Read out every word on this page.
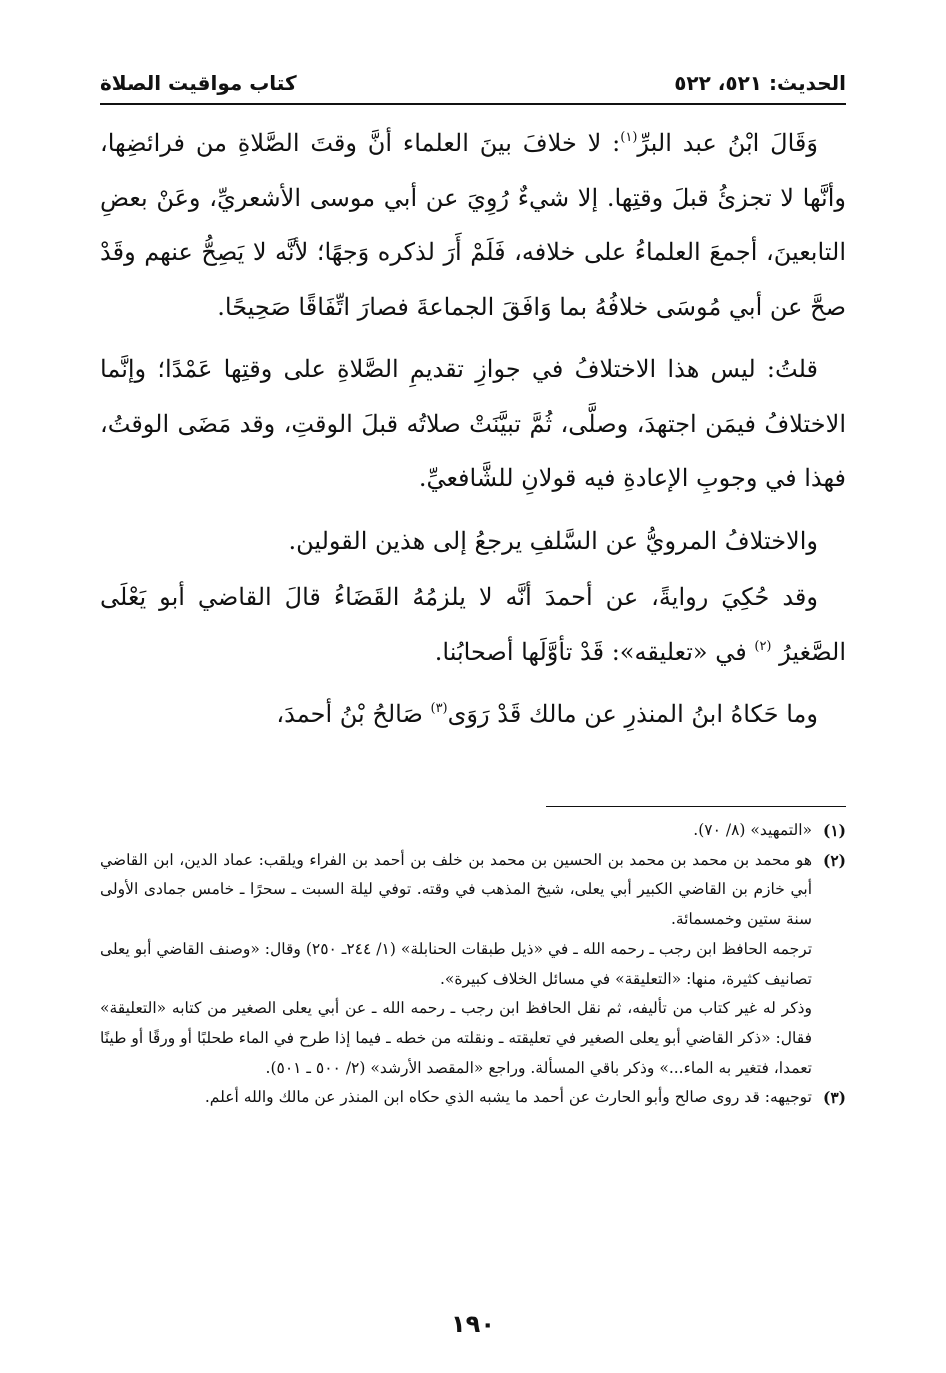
الحديث: ٥٢١، ٥٢٢
كتاب مواقيت الصلاة

وَقَالَ ابْنُ عبد البرِّ$^{(١)}$: لا خلافَ بينَ العلماء أنَّ وقتَ الصَّلاةِ من فرائضِها، وأنَّها لا تجزئُ قبلَ وقتِها. إلا شيءٌ رُوِيَ عن أبي موسى الأشعريِّ، وعَنْ بعضِ التابعينَ، أجمعَ العلماءُ على خلافه، فَلَمْ أَرَ لذكره وَجهًا؛ لأنَّه لا يَصِحُّ عنهم وقَدْ صحَّ عن أبي مُوسَى خلافُهُ بما وَافَقَ الجماعةَ فصارَ اتِّفَاقًا صَحِيحًا.

قلتُ: ليس هذا الاختلافُ في جوازِ تقديمِ الصَّلاةِ على وقتِها عَمْدًا؛ وإنَّما الاختلافُ فيمَن اجتهدَ، وصلَّى، ثُمَّ تبيَّنَتْ صلاتُه قبلَ الوقتِ، وقد مَضَى الوقتُ، فهذا في وجوبِ الإعادةِ فيه قولانِ للشَّافعيِّ.

والاختلافُ المرويُّ عن السَّلفِ يرجعُ إلى هذين القولين.

وقد حُكِيَ روايةً، عن أحمدَ أنَّه لا يلزمُهُ القَضَاءُ قالَ القاضي أبو يَعْلَى الصَّغيرُ $^{(٢)}$ في «تعليقه»: قَدْ تأوَّلَها أصحابُنا.

وما حَكاهُ ابنُ المنذرِ عن مالك قَدْ رَوَى$^{(٣)}$ صَالحُ بْنُ أحمدَ،

(١)
«التمهيد» (٨/ ٧٠).
(٢)
هو محمد بن محمد بن محمد بن الحسين بن محمد بن خلف بن أحمد بن الفراء ويلقب: عماد الدين، ابن القاضي أبي خازم بن القاضي الكبير أبي يعلى، شيخ المذهب في وقته. توفي ليلة السبت ـ سحرًا ـ خامس جمادى الأولى سنة ستين وخمسمائة.
ترجمه الحافظ ابن رجب ـ رحمه الله ـ في «ذيل طبقات الحنابلة» (١/ ٢٤٤ـ ٢٥٠) وقال: «وصنف القاضي أبو يعلى تصانيف كثيرة، منها: «التعليقة» في مسائل الخلاف كبيرة».
وذكر له غير كتاب من تأليفه، ثم نقل الحافظ ابن رجب ـ رحمه الله ـ عن أبي يعلى الصغير من كتابه «التعليقة» فقال: «ذكر القاضي أبو يعلى الصغير في تعليقته ـ ونقلته من خطه ـ فيما إذا طرح في الماء طحلبًا أو ورقًا أو طينًا تعمدا، فتغير به الماء...» وذكر باقي المسألة. وراجع «المقصد الأرشد» (٢/ ٥٠٠ ـ ٥٠١).
(٣)
توجيهه: قد روى صالح وأبو الحارث عن أحمد ما يشبه الذي حكاه ابن المنذر عن مالك والله أعلم.
١٩٠
